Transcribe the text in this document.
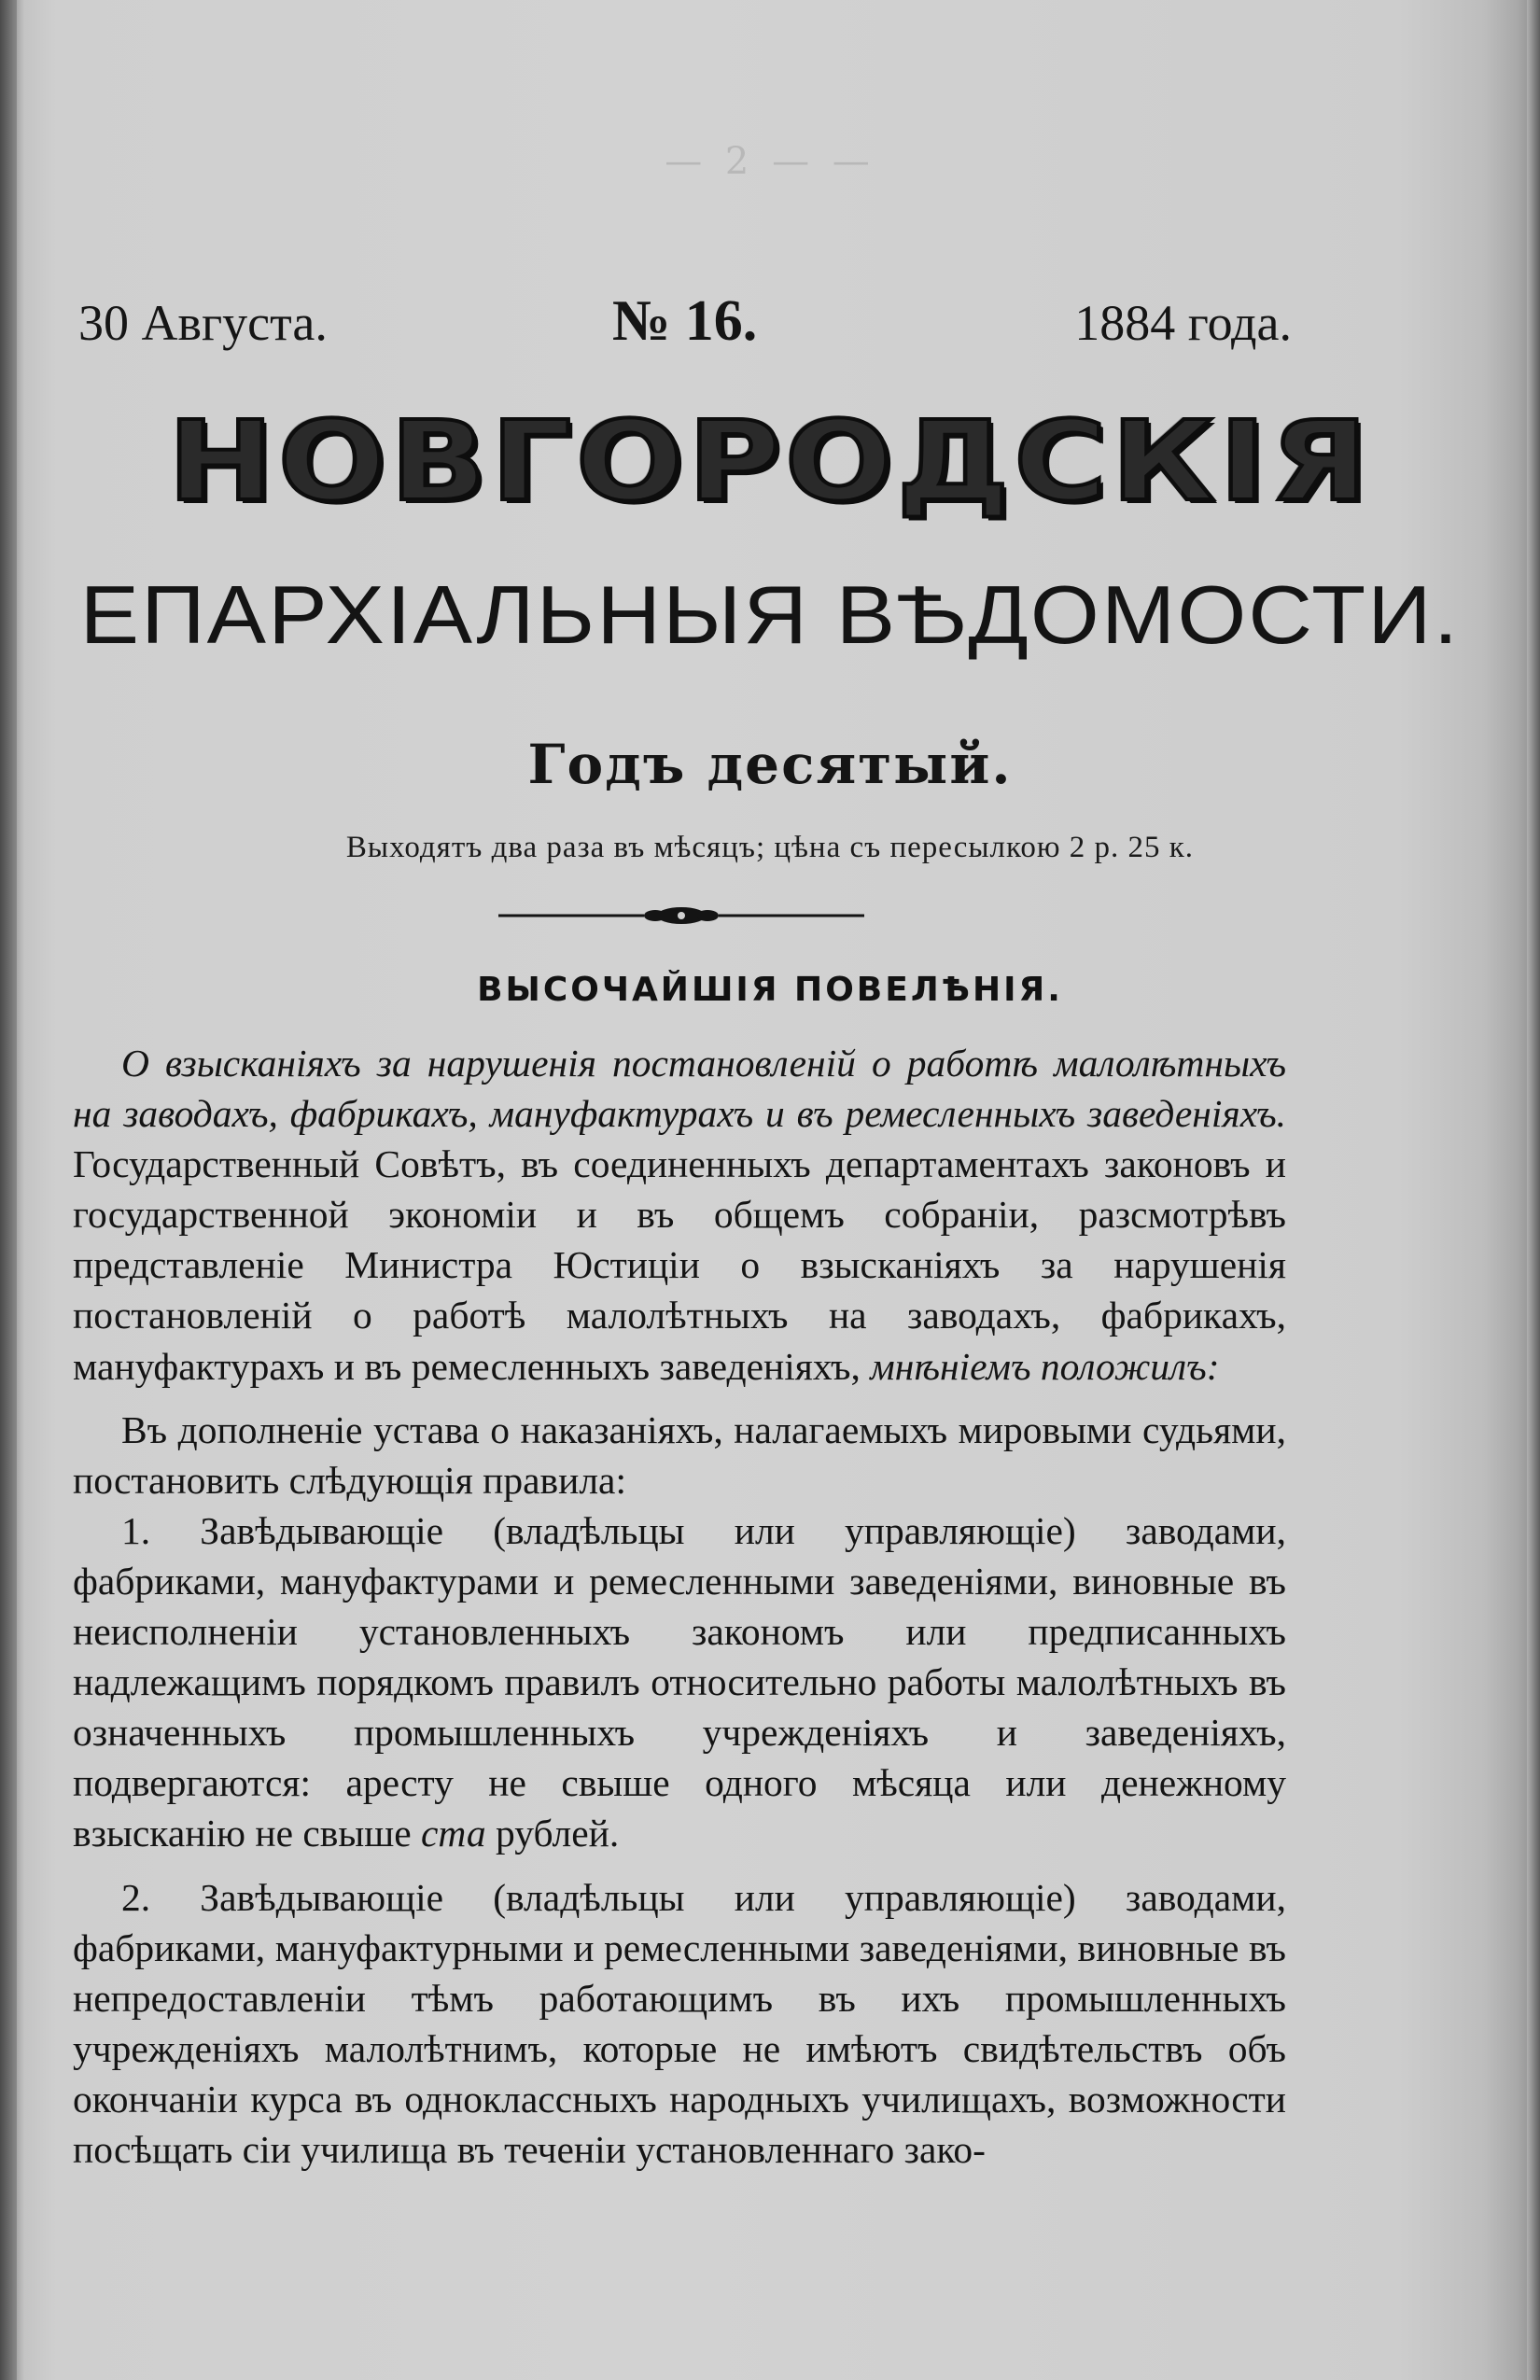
— 2 — —
30 Августа.	№ 16.	1884 года.
НОВГОРОДСКІЯ
ЕПАРХІАЛЬНЫЯ ВѢДОМОСТИ.
Годъ десятый.
Выходятъ два раза въ мѣсяцъ; цѣна съ пересылкою 2 р. 25 к.
ВЫСОЧАЙШІЯ ПОВЕЛѢНІЯ.

О взысканіяхъ за нарушенія постановленій о работѣ малолѣтныхъ на заводахъ, фабрикахъ, мануфактурахъ и въ ремесленныхъ заведеніяхъ. Государственный Совѣтъ, въ соединенныхъ департаментахъ законовъ и государственной экономіи и въ общемъ собраніи, разсмотрѣвъ представленіе Министра Юстиціи о взысканіяхъ за нарушенія постановленій о работѣ малолѣтныхъ на заводахъ, фабрикахъ, мануфактурахъ и въ ремесленныхъ заведеніяхъ, мнѣніемъ положилъ:

Въ дополненіе устава о наказаніяхъ, налагаемыхъ мировыми судьями, постановить слѣдующія правила:

1. Завѣдывающіе (владѣльцы или управляющіе) заводами, фабриками, мануфактурами и ремесленными заведеніями, виновные въ неисполненіи установленныхъ закономъ или предписанныхъ надлежащимъ порядкомъ правилъ относительно работы малолѣтныхъ въ означенныхъ промышленныхъ учрежденіяхъ и заведеніяхъ, подвергаются: аресту не свыше одного мѣсяца или денежному взысканію не свыше ста рублей.

2. Завѣдывающіе (владѣльцы или управляющіе) заводами, фабриками, мануфактурными и ремесленными заведеніями, виновные въ непредоставленіи тѣмъ работающимъ въ ихъ промышленныхъ учрежденіяхъ малолѣтнимъ, которые не имѣютъ свидѣтельствъ объ окончаніи курса въ одноклассныхъ народныхъ училищахъ, возможности посѣщать сіи училища въ теченіи установленнаго зако-
